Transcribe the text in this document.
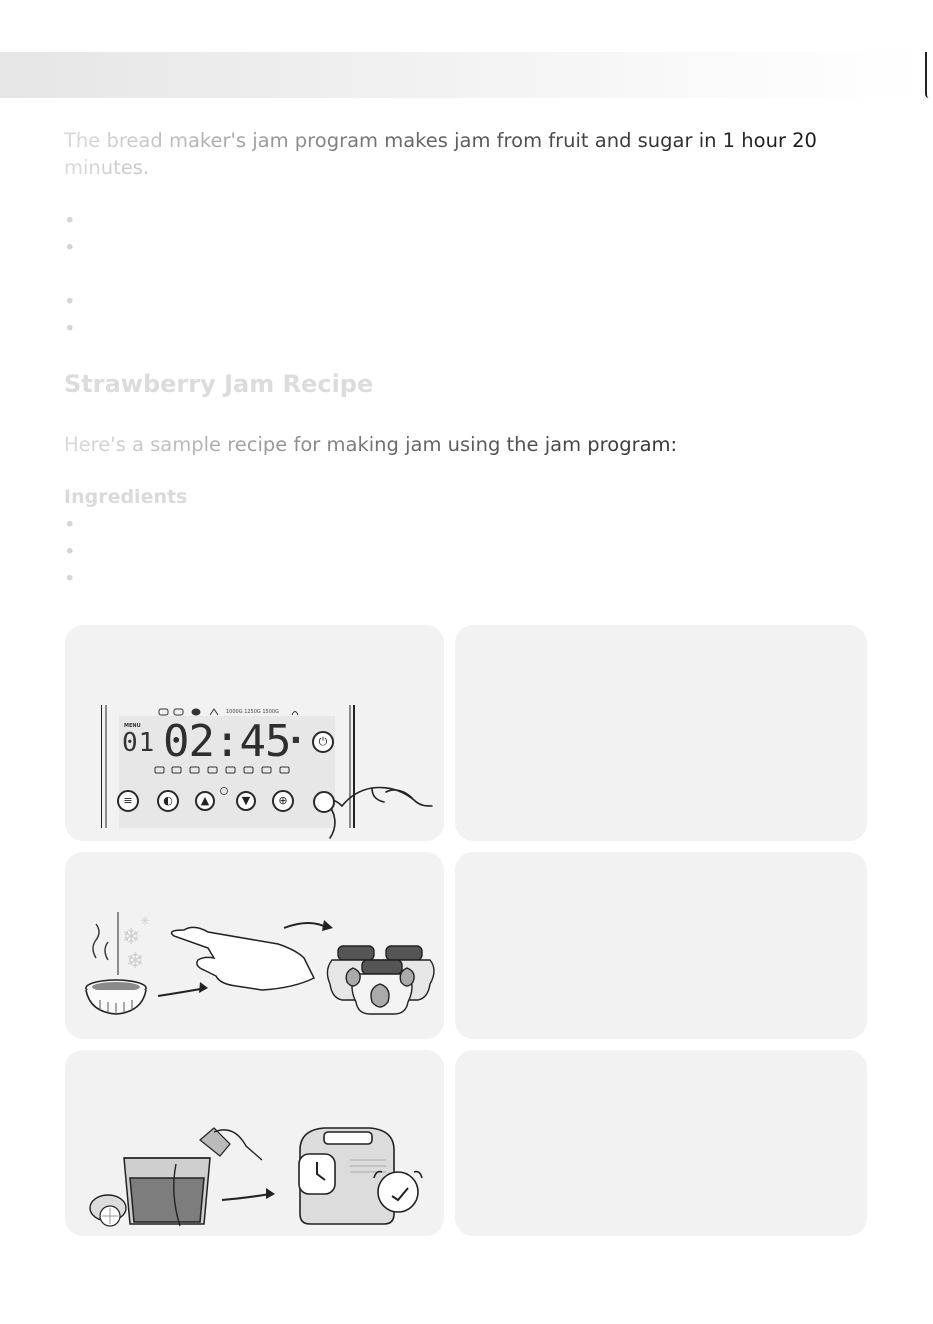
The bread maker's jam program makes jam from fruit and sugar in 1 hour 20 minutes.
• Use fresh, unbruised fruit, chopping large ones into smaller pieces.
• Use preserving sugar from grocery stores, which has added pectin for a better set.
• If your fruit is low in pectin, add lemon juice or extra pectin.
• The jam can be refrigerated for 2 weeks or frozen for up to 6 months.
Strawberry Jam Recipe
Here's a sample recipe for making jam using the jam program:
Ingredients
• 4 cups of fresh strawberries, hulled and halved
• 2 cups of sugar
• 1/4 cup of lemon juice
MENU
01 02:45
1000G 1250G 1500G
■	⏻
≡	◐	▲	▼	⊕
❄
❄
✳
